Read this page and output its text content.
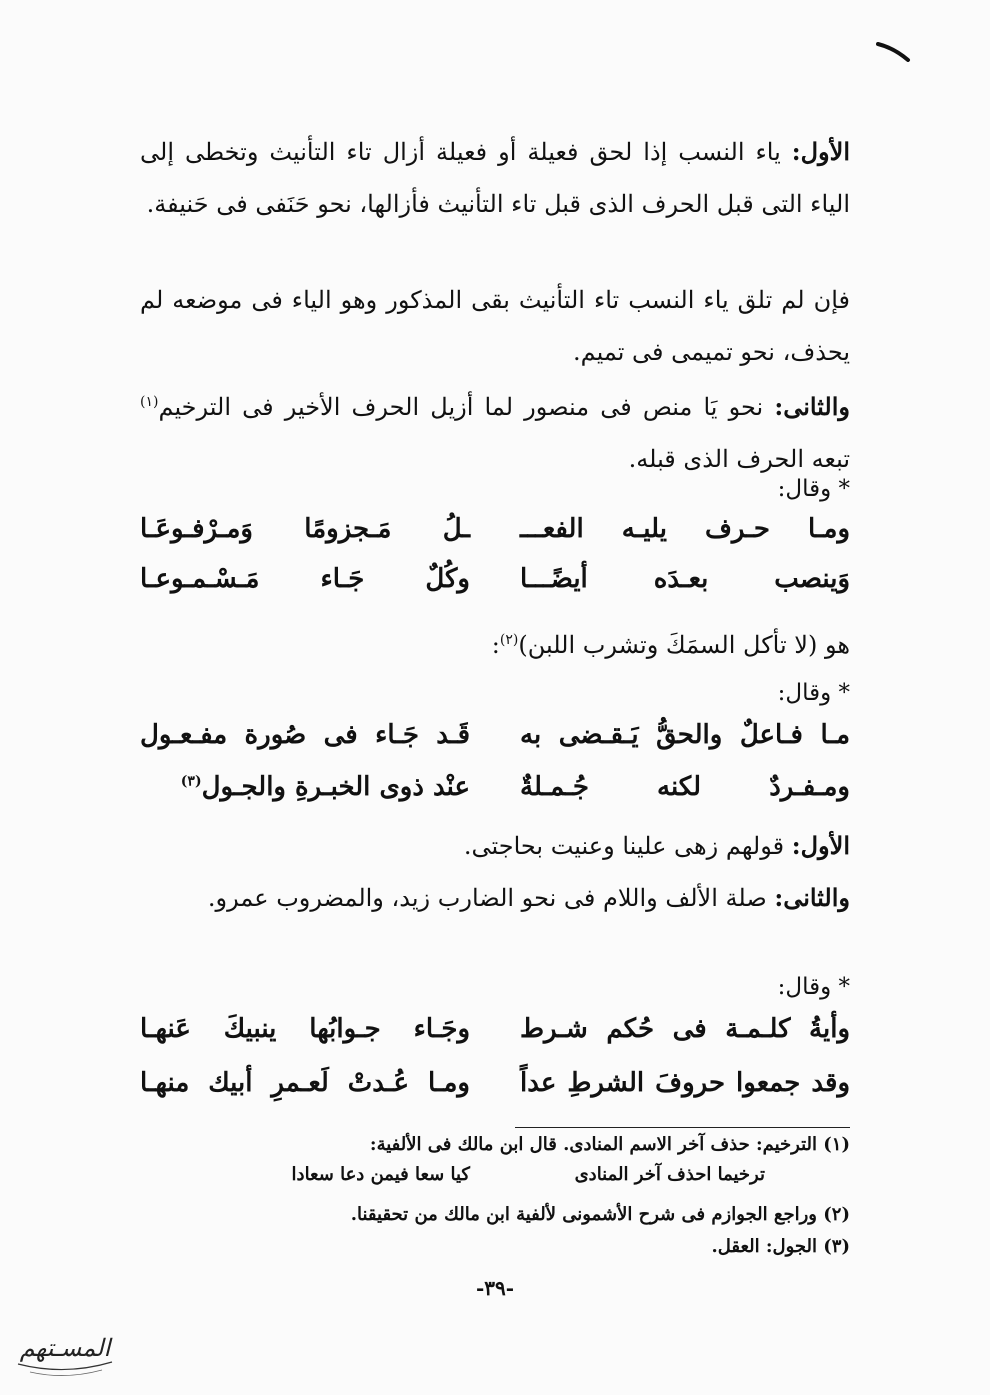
الأول: ياء النسب إذا لحق فعيلة أو فعيلة أزال تاء التأنيث وتخطى إلى الياء التى قبل الحرف الذى قبل تاء التأنيث فأزالها، نحو حَنَفى فى حَنيفة.
فإن لم تلق ياء النسب تاء التأنيث بقى المذكور وهو الياء فى موضعه لم يحذف، نحو تميمى فى تميم.
والثانى: نحو يَا منص فى منصور لما أزيل الحرف الأخير فى الترخيم$^{(١)}$ تبعه الحرف الذى قبله.
* وقال:
ومـا حـرف يليـه الفعـــ
ـلُ مَـجزومًا وَمـرْفـوعَـا
وَينصب بعـدَه أيضًـــا
وكُلٌ جَـاء مَـسْـمـوعـا
هو (لا تأكل السمَكَ وتشرب اللبن)$^{(٢)}$:
* وقال:
مـا فـاعلٌ والحقُّ يَـقـضى به
قَـد جَـاء فى صُورة مفـعـول
ومـفـردٌ لكنه جُـمـلةٌ
عنْد ذوى الخبـرةِ والجـول$^{(٣)}$
الأول: قولهم زهى علينا وعنيت بحاجتى.
والثانى: صلة الألف واللام فى نحو الضارب زيد، والمضروب عمرو.
* وقال:
وأيةُ كلـمـة فى حُكم شـرط
وجَـاء جـوابُها ينبيكَ عَنهـا
وقد جمعوا حروفَ الشرطِ عداً
ومـا عُـدتْ لَعـمرِ أبيك منهـا
(١) الترخيم: حذف آخر الاسم المنادى. قال ابن مالك فى الألفية:
ترخيما احذف آخر المنادى
كيا سعا فيمن دعا سعادا
(٢) وراجع الجوازم فى شرح الأشمونى لألفية ابن مالك من تحقيقنا.
(٣) الجول: العقل.
-٣٩-
المسـتهم
